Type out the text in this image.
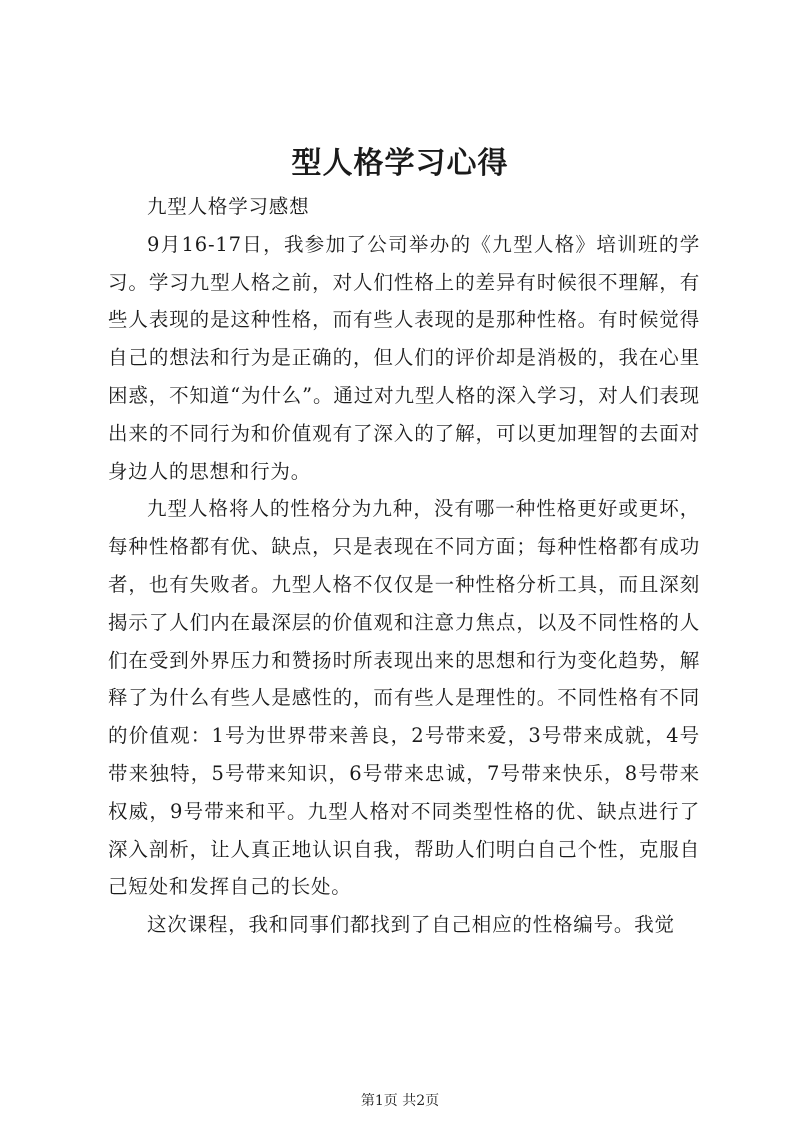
型人格学习心得

九型人格学习感想

9月16-17日，我参加了公司举办的《九型人格》培训班的学习。学习九型人格之前，对人们性格上的差异有时候很不理解，有些人表现的是这种性格，而有些人表现的是那种性格。有时候觉得自己的想法和行为是正确的，但人们的评价却是消极的，我在心里困惑，不知道“为什么”。通过对九型人格的深入学习，对人们表现出来的不同行为和价值观有了深入的了解，可以更加理智的去面对身边人的思想和行为。

九型人格将人的性格分为九种，没有哪一种性格更好或更坏，每种性格都有优、缺点，只是表现在不同方面；每种性格都有成功者，也有失败者。九型人格不仅仅是一种性格分析工具，而且深刻揭示了人们内在最深层的价值观和注意力焦点，以及不同性格的人们在受到外界压力和赞扬时所表现出来的思想和行为变化趋势，解释了为什么有些人是感性的，而有些人是理性的。不同性格有不同的价值观：1号为世界带来善良，2号带来爱，3号带来成就，4号带来独特，5号带来知识，6号带来忠诚，7号带来快乐，8号带来权威，9号带来和平。九型人格对不同类型性格的优、缺点进行了深入剖析，让人真正地认识自我，帮助人们明白自己个性，克服自己短处和发挥自己的长处。

这次课程，我和同事们都找到了自己相应的性格编号。我觉

第1页 共2页
